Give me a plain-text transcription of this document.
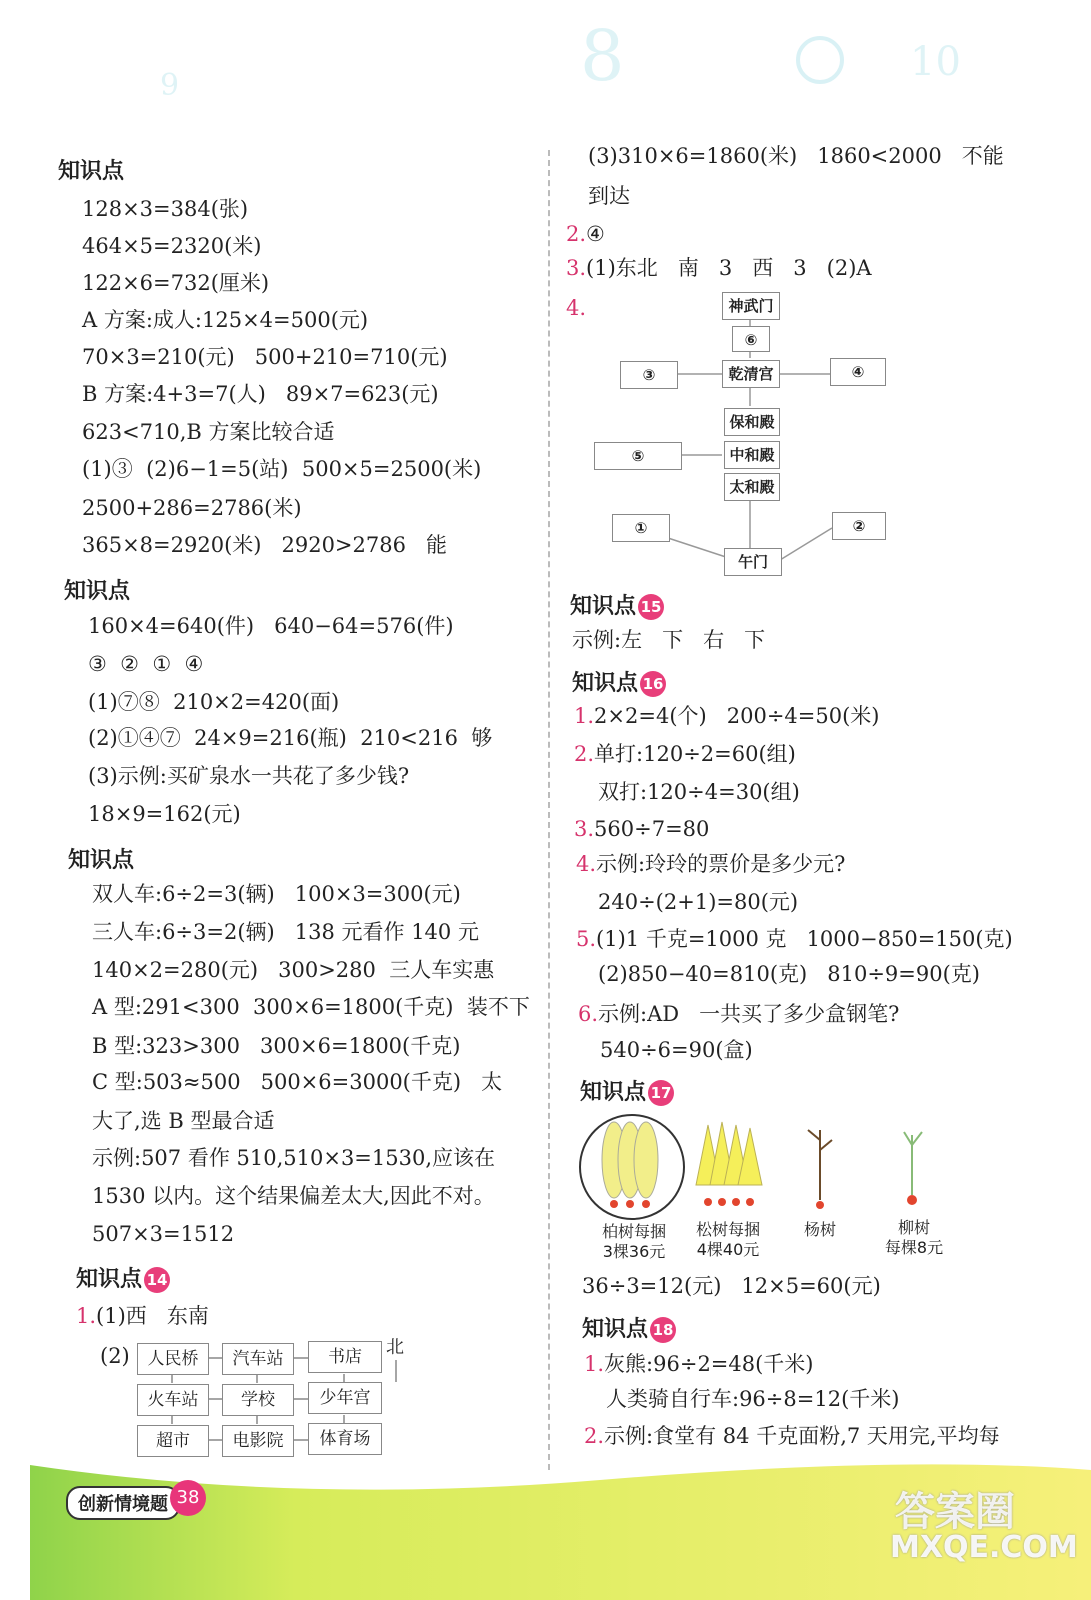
8	10
9
知识点
128×3=384(张)
464×5=2320(米)
122×6=732(厘米)
A 方案:成人:125×4=500(元)
70×3=210(元)   500+210=710(元)
B 方案:4+3=7(人)   89×7=623(元)
623<710,B 方案比较合适
(1)③  (2)6−1=5(站)  500×5=2500(米)
2500+286=2786(米)
365×8=2920(米)   2920>2786   能
知识点
160×4=640(件)   640−64=576(件)
③  ②  ①  ④
(1)⑦⑧  210×2=420(面)
(2)①④⑦  24×9=216(瓶)  210<216  够
(3)示例:买矿泉水一共花了多少钱?
18×9=162(元)
知识点
双人车:6÷2=3(辆)   100×3=300(元)
三人车:6÷3=2(辆)   138 元看作 140 元
140×2=280(元)   300>280  三人车实惠
A 型:291<300  300×6=1800(千克)  装不下
B 型:323>300   300×6=1800(千克)
C 型:503≈500   500×6=3000(千克)   太
大了,选 B 型最合适
示例:507 看作 510,510×3=1530,应该在
1530 以内。这个结果偏差太大,因此不对。
507×3=1512
知识点 14
1.(1)西   东南
(2)	人民桥	汽车站	书店
火车站	学校	少年宫
超市	电影院	体育场
北
(3)310×6=1860(米)   1860<2000   不能
到达
2.④
3.(1)东北   南   3   西   3   (2)A
4.	神武门
⑥
乾清宫
③	④
保和殿
中和殿
太和殿
⑤
①	②
午门
知识点 15
示例:左   下   右   下
知识点 16
1.2×2=4(个)   200÷4=50(米)
2.单打:120÷2=60(组)
双打:120÷4=30(组)
3.560÷7=80
4.示例:玲玲的票价是多少元?
240÷(2+1)=80(元)
5.(1)1 千克=1000 克   1000−850=150(克)
(2)850−40=810(克)   810÷9=90(克)
6.示例:AD   一共买了多少盒钢笔?
540÷6=90(盒)
知识点 17
柏树每捆
3棵36元
松树每捆
4棵40元
杨树	柳树
每棵8元
36÷3=12(元)   12×5=60(元)
知识点 18
1.灰熊:96÷2=48(千米)
人类骑自行车:96÷8=12(千米)
2.示例:食堂有 84 千克面粉,7 天用完,平均每
创新情境题 38	答案圈
MXQE.COM
